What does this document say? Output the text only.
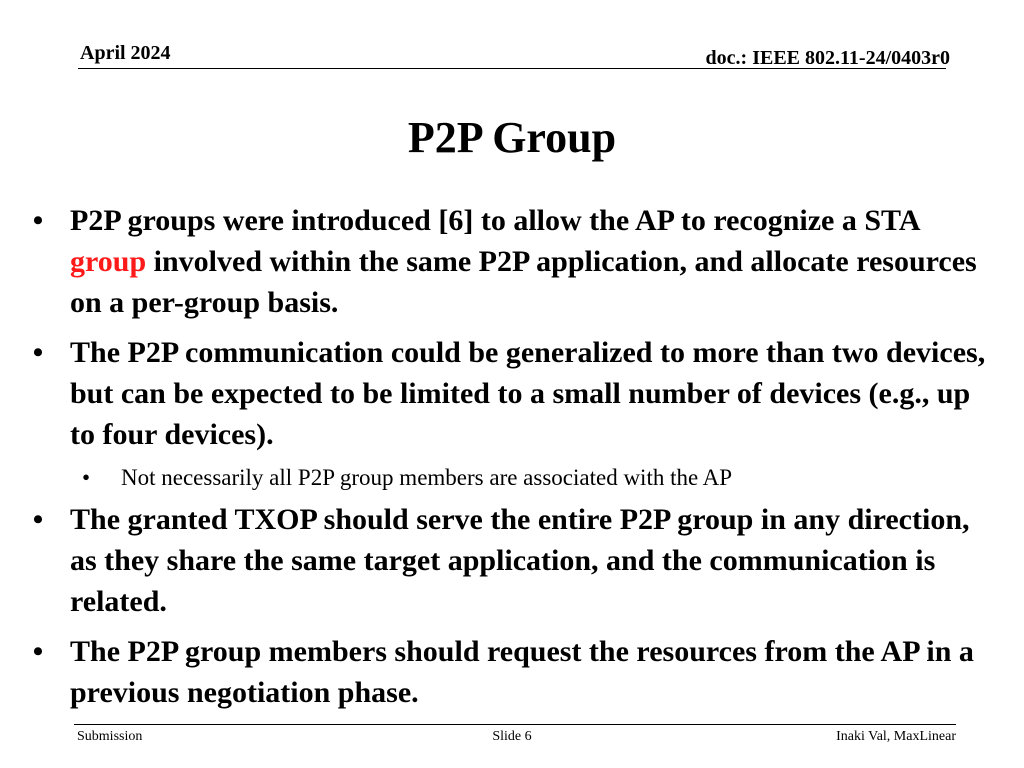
April 2024	doc.: IEEE 802.11-24/0403r0
P2P Group
• P2P groups were introduced [6] to allow the AP to recognize a STA group involved within the same P2P application, and allocate resources on a per-group basis.
• The P2P communication could be generalized to more than two devices, but can be expected to be limited to a small number of devices (e.g., up to four devices).
• Not necessarily all P2P group members are associated with the AP
• The granted TXOP should serve the entire P2P group in any direction, as they share the same target application, and the communication is related.
• The P2P group members should request the resources from the AP in a previous negotiation phase.
Submission	Slide 6	Inaki Val, MaxLinear
